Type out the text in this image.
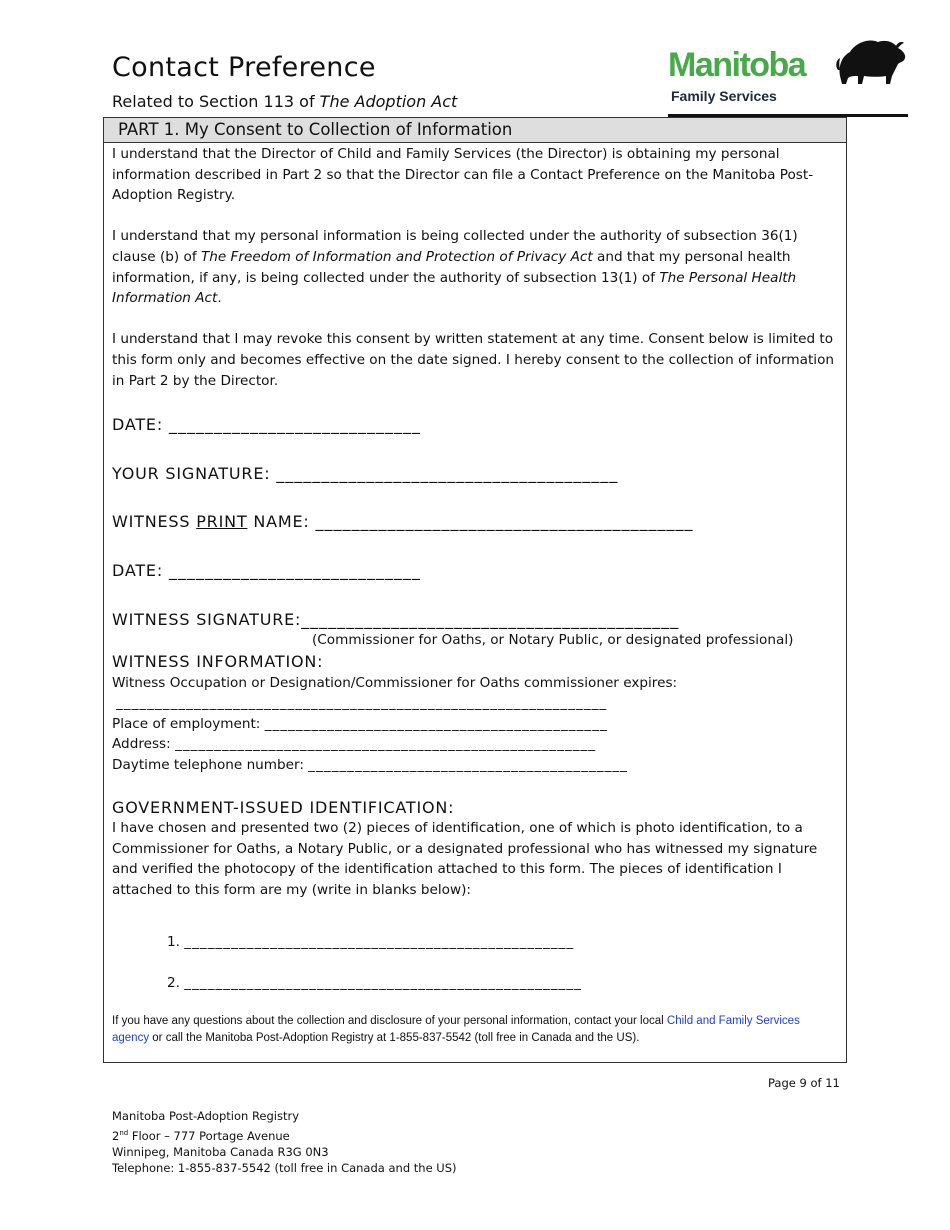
Contact Preference

Related to Section 113 of The Adoption Act

Manitoba
Family Services
PART 1. My Consent to Collection of Information

I understand that the Director of Child and Family Services (the Director) is obtaining my personal information described in Part 2 so that the Director can file a Contact Preference on the Manitoba Post-Adoption Registry.

I understand that my personal information is being collected under the authority of subsection 36(1) clause (b) of The Freedom of Information and Protection of Privacy Act and that my personal health information, if any, is being collected under the authority of subsection 13(1) of The Personal Health Information Act.

I understand that I may revoke this consent by written statement at any time. Consent below is limited to this form only and becomes effective on the date signed. I hereby consent to the collection of information in Part 2 by the Director.

DATE: ____________________________
YOUR SIGNATURE: ______________________________________
WITNESS PRINT NAME: __________________________________________
DATE: ____________________________
WITNESS SIGNATURE:__________________________________________
(Commissioner for Oaths, or Notary Public, or designated professional)
WITNESS INFORMATION:
Witness Occupation or Designation/Commissioner for Oaths commissioner expires:
_______________________________________________________________
Place of employment: ____________________________________________
Address: ______________________________________________________
Daytime telephone number: _________________________________________
GOVERNMENT-ISSUED IDENTIFICATION:

I have chosen and presented two (2) pieces of identification, one of which is photo identification, to a Commissioner for Oaths, a Notary Public, or a designated professional who has witnessed my signature and verified the photocopy of the identification attached to this form. The pieces of identification I attached to this form are my (write in blanks below):

1. __________________________________________________
2. ___________________________________________________

If you have any questions about the collection and disclosure of your personal information, contact your local Child and Family Services agency or call the Manitoba Post-Adoption Registry at 1-855-837-5542 (toll free in Canada and the US).

Page 9 of 11
Manitoba Post-Adoption Registry
2nd Floor – 777 Portage Avenue
Winnipeg, Manitoba Canada R3G 0N3
Telephone: 1-855-837-5542 (toll free in Canada and the US)
